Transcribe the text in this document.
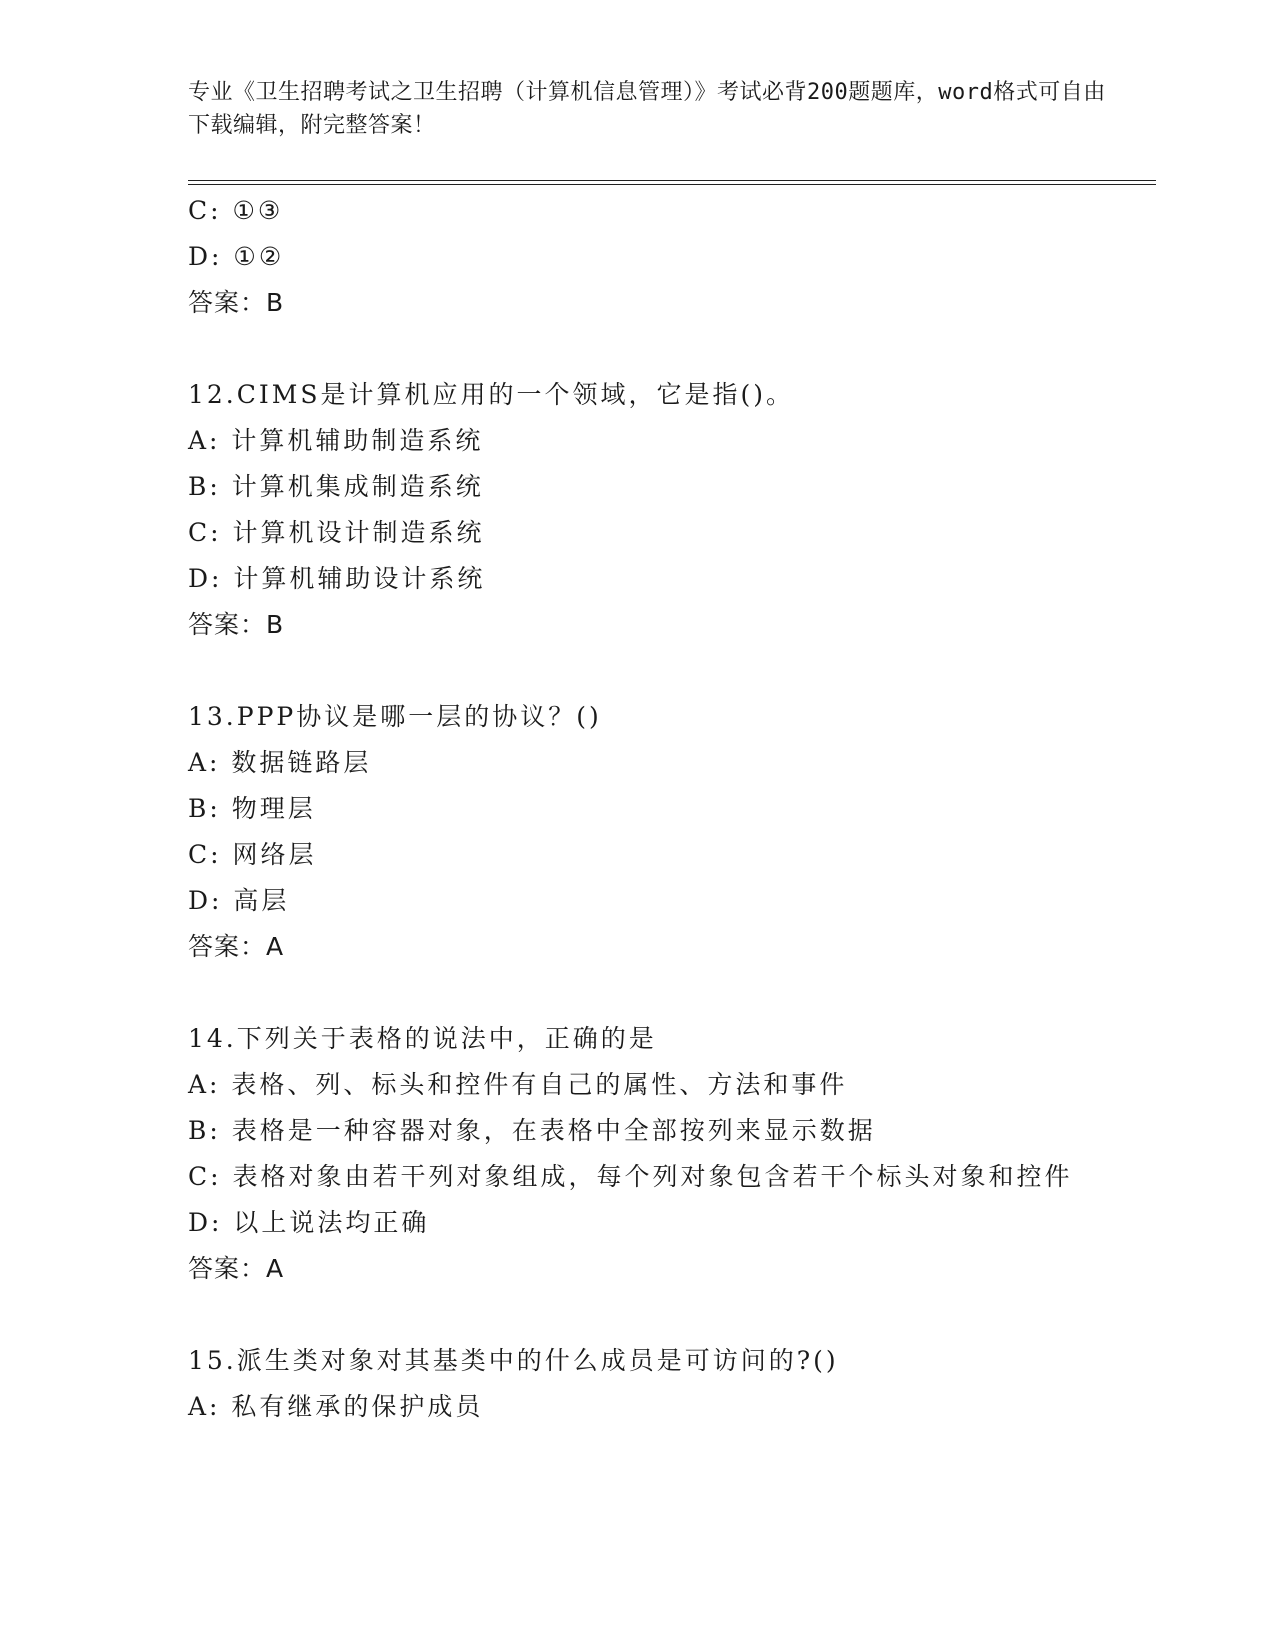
专业《卫生招聘考试之卫生招聘（计算机信息管理）》考试必背200题题库，word格式可自由下载编辑，附完整答案！
C: ①③
D: ①②
答案：B
12.CIMS是计算机应用的一个领域，它是指()。
A: 计算机辅助制造系统
B: 计算机集成制造系统
C: 计算机设计制造系统
D: 计算机辅助设计系统
答案：B
13.PPP协议是哪一层的协议？()
A: 数据链路层
B: 物理层
C: 网络层
D: 高层
答案：A
14.下列关于表格的说法中，正确的是
A: 表格、列、标头和控件有自己的属性、方法和事件
B: 表格是一种容器对象，在表格中全部按列来显示数据
C: 表格对象由若干列对象组成，每个列对象包含若干个标头对象和控件
D: 以上说法均正确
答案：A
15.派生类对象对其基类中的什么成员是可访问的?()
A: 私有继承的保护成员
